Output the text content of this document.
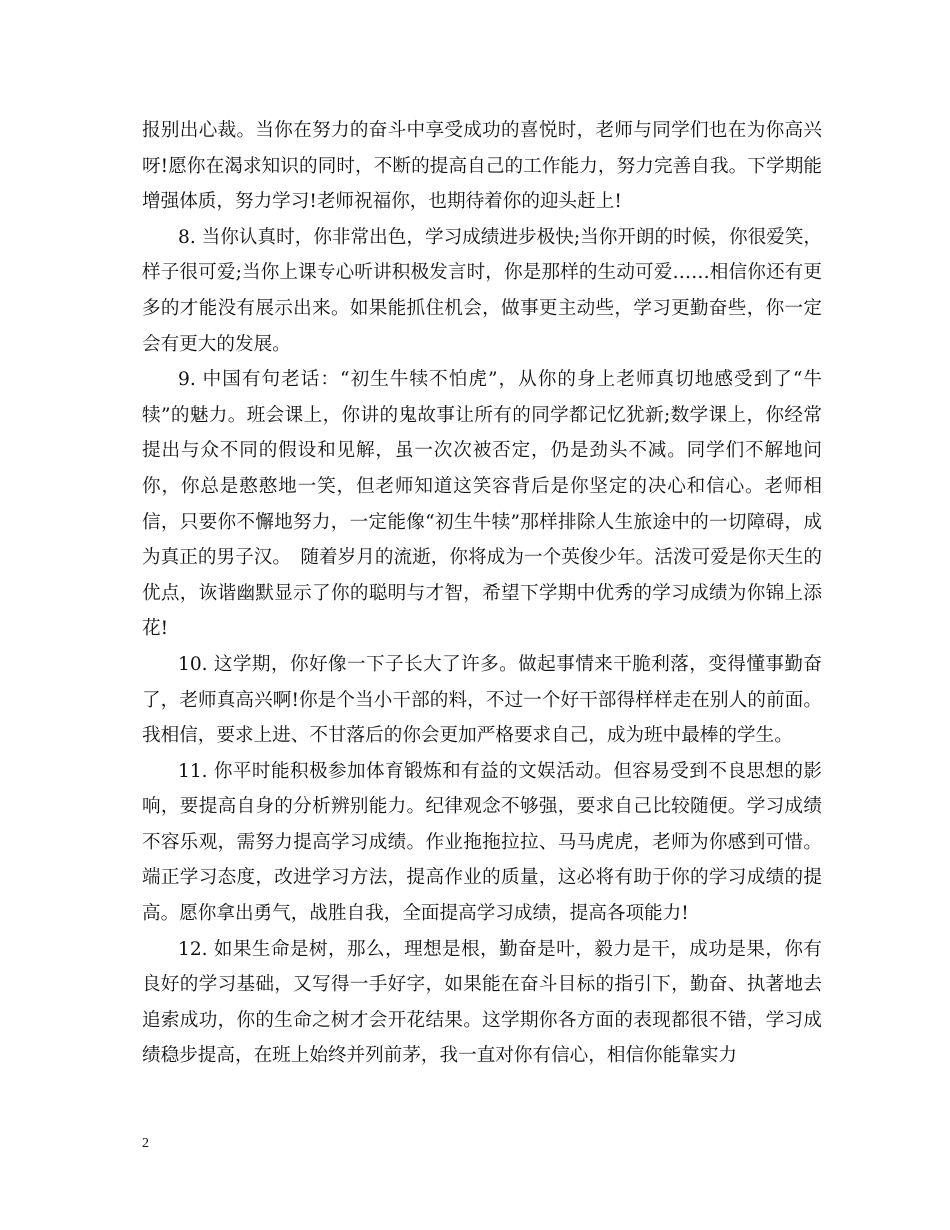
报别出心裁。当你在努力的奋斗中享受成功的喜悦时，老师与同学们也在为你高兴呀!愿你在渴求知识的同时，不断的提高自己的工作能力，努力完善自我。下学期能增强体质，努力学习!老师祝福你，也期待着你的迎头赶上!

8. 当你认真时，你非常出色，学习成绩进步极快;当你开朗的时候，你很爱笑，样子很可爱;当你上课专心听讲积极发言时，你是那样的生动可爱……相信你还有更多的才能没有展示出来。如果能抓住机会，做事更主动些，学习更勤奋些，你一定会有更大的发展。

9. 中国有句老话：“初生牛犊不怕虎”，从你的身上老师真切地感受到了“牛犊”的魅力。班会课上，你讲的鬼故事让所有的同学都记忆犹新;数学课上，你经常提出与众不同的假设和见解，虽一次次被否定，仍是劲头不减。同学们不解地问你，你总是憨憨地一笑，但老师知道这笑容背后是你坚定的决心和信心。老师相信，只要你不懈地努力，一定能像“初生牛犊”那样排除人生旅途中的一切障碍，成为真正的男子汉。　随着岁月的流逝，你将成为一个英俊少年。活泼可爱是你天生的优点，诙谐幽默显示了你的聪明与才智，希望下学期中优秀的学习成绩为你锦上添花!

10. 这学期，你好像一下子长大了许多。做起事情来干脆利落，变得懂事勤奋了，老师真高兴啊!你是个当小干部的料，不过一个好干部得样样走在别人的前面。我相信，要求上进、不甘落后的你会更加严格要求自己，成为班中最棒的学生。

11. 你平时能积极参加体育锻炼和有益的文娱活动。但容易受到不良思想的影响，要提高自身的分析辨别能力。纪律观念不够强，要求自己比较随便。学习成绩不容乐观，需努力提高学习成绩。作业拖拖拉拉、马马虎虎，老师为你感到可惜。端正学习态度，改进学习方法，提高作业的质量，这必将有助于你的学习成绩的提高。愿你拿出勇气，战胜自我，全面提高学习成绩，提高各项能力!

12. 如果生命是树，那么，理想是根，勤奋是叶，毅力是干，成功是果，你有良好的学习基础，又写得一手好字，如果能在奋斗目标的指引下，勤奋、执著地去追索成功，你的生命之树才会开花结果。这学期你各方面的表现都很不错，学习成绩稳步提高，在班上始终并列前茅，我一直对你有信心，相信你能靠实力

2
